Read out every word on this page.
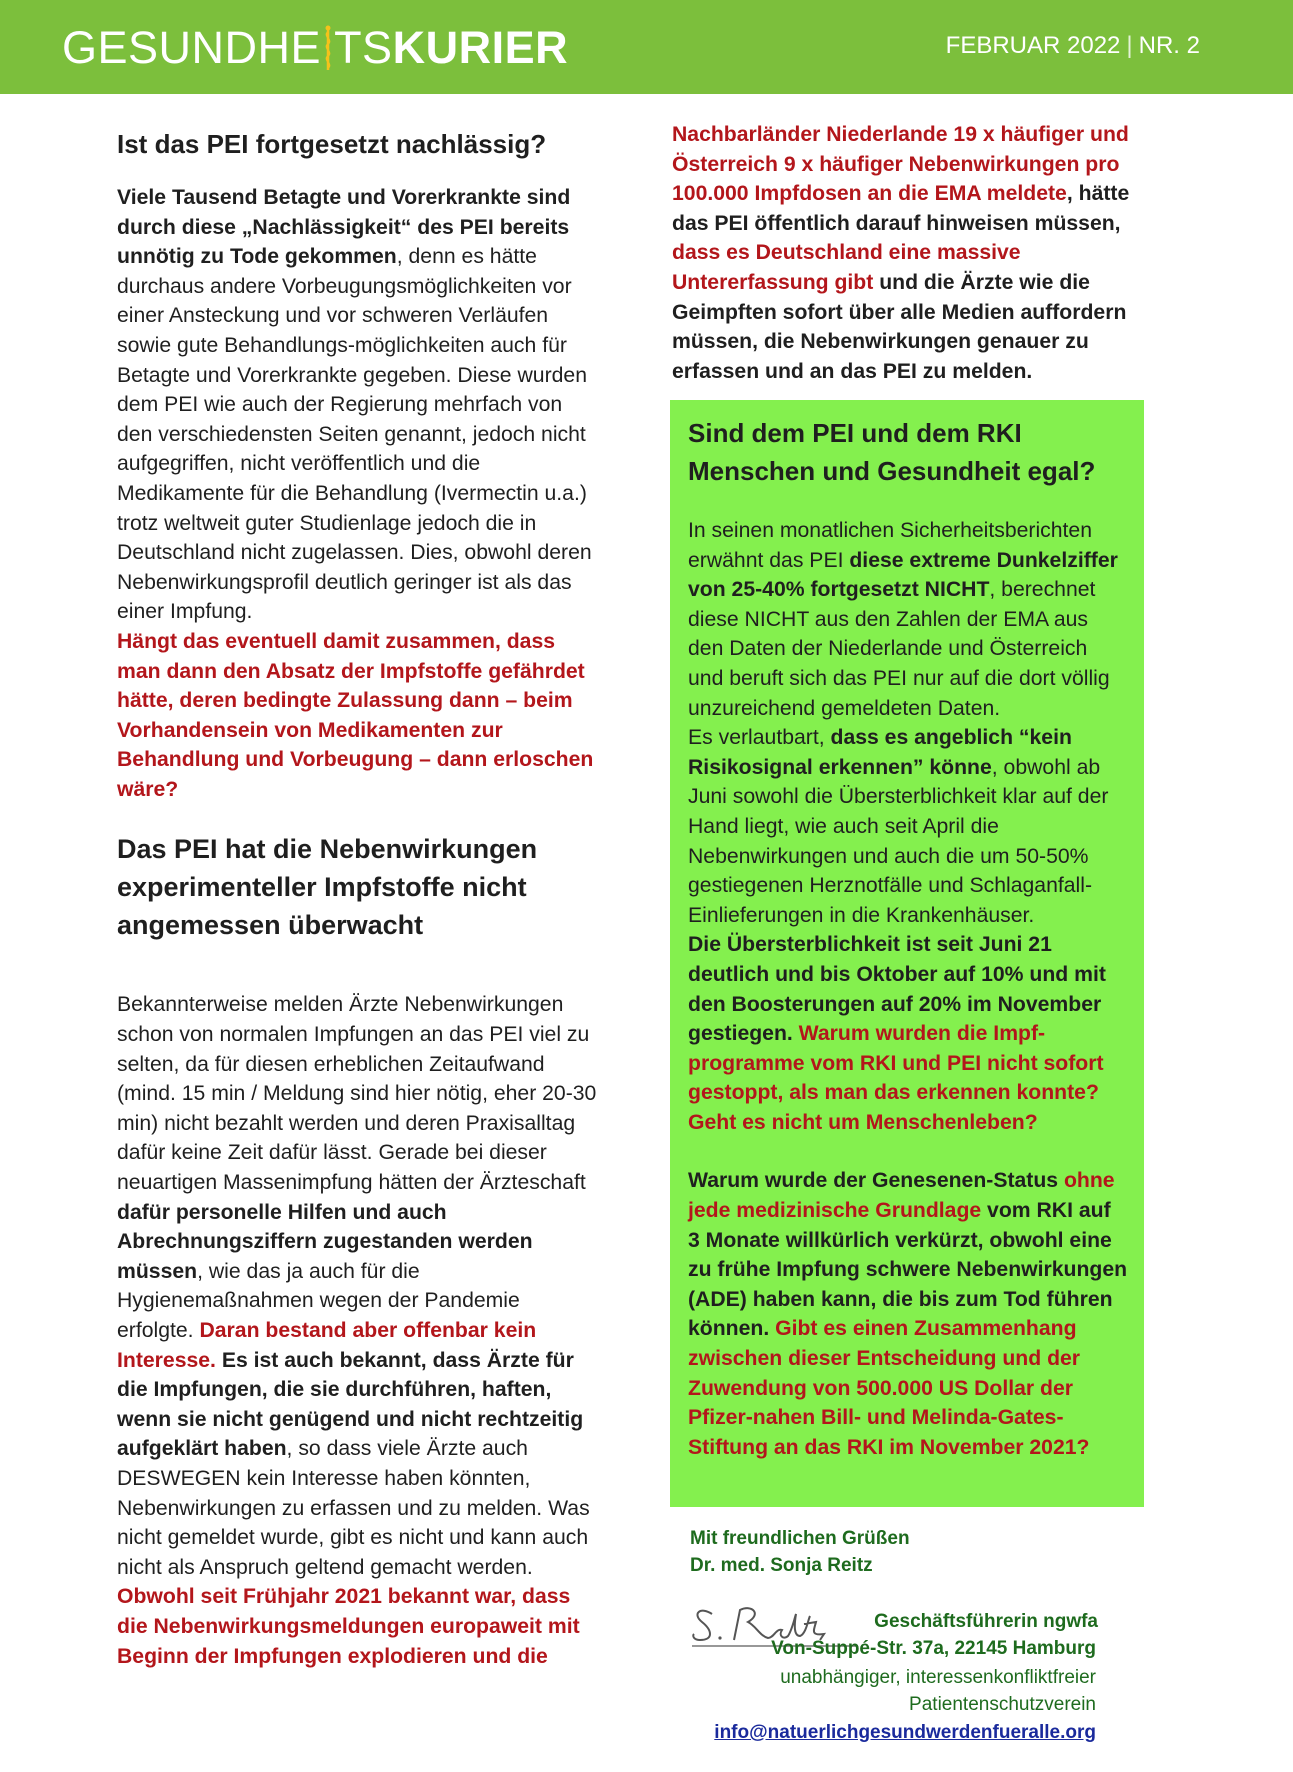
GESUNDHE TSKURIER	FEBRUAR 2022 | NR. 2
Ist das PEI fortgesetzt nachlässig?

Viele Tausend Betagte und Vorerkrankte sind durch diese „Nachlässigkeit“ des PEI bereits unnötig zu Tode gekommen, denn es hätte durchaus andere Vorbeugungsmöglichkeiten vor einer Ansteckung und vor schweren Verläufen sowie gute Behandlungs-möglichkeiten auch für Betagte und Vorerkrankte gegeben. Diese wurden dem PEI wie auch der Regierung mehrfach von den verschiedensten Seiten genannt, jedoch nicht aufgegriffen, nicht veröffentlich und die Medikamente für die Behandlung (Ivermectin u.a.) trotz weltweit guter Studienlage jedoch die in Deutschland nicht zugelassen. Dies, obwohl deren Nebenwirkungsprofil deutlich geringer ist als das einer Impfung.

Hängt das eventuell damit zusammen, dass man dann den Absatz der Impfstoffe gefährdet hätte, deren bedingte Zulassung dann – beim Vorhandensein von Medikamenten zur Behandlung und Vorbeugung – dann erloschen wäre?

Das PEI hat die Nebenwirkungen experimenteller Impfstoffe nicht angemessen überwacht

Bekannterweise melden Ärzte Nebenwirkungen schon von normalen Impfungen an das PEI viel zu selten, da für diesen erheblichen Zeitaufwand (mind. 15 min / Meldung sind hier nötig, eher 20-30 min) nicht bezahlt werden und deren Praxisalltag dafür keine Zeit dafür lässt. Gerade bei dieser neuartigen Massenimpfung hätten der Ärzteschaft dafür personelle Hilfen und auch Abrechnungsziffern zugestanden werden müssen, wie das ja auch für die Hygienemaßnahmen wegen der Pandemie erfolgte. Daran bestand aber offenbar kein Interesse. Es ist auch bekannt, dass Ärzte für die Impfungen, die sie durchführen, haften, wenn sie nicht genügend und nicht rechtzeitig aufgeklärt haben, so dass viele Ärzte auch DESWEGEN kein Interesse haben könnten, Nebenwirkungen zu erfassen und zu melden. Was nicht gemeldet wurde, gibt es nicht und kann auch nicht als Anspruch geltend gemacht werden.

Obwohl seit Frühjahr 2021 bekannt war, dass die Nebenwirkungsmeldungen europaweit mit Beginn der Impfungen explodieren und die

Nachbarländer Niederlande 19 x häufiger und Österreich 9 x häufiger Nebenwirkungen pro 100.000 Impfdosen an die EMA meldete, hätte das PEI öffentlich darauf hinweisen müssen, dass es Deutschland eine massive Untererfassung gibt und die Ärzte wie die Geimpften sofort über alle Medien auffordern müssen, die Nebenwirkungen genauer zu erfassen und an das PEI zu melden.

Sind dem PEI und dem RKI Menschen und Gesundheit egal?

In seinen monatlichen Sicherheitsberichten erwähnt das PEI diese extreme Dunkelziffer von 25-40% fortgesetzt NICHT, berechnet diese NICHT aus den Zahlen der EMA aus den Daten der Niederlande und Österreich und beruft sich das PEI nur auf die dort völlig unzureichend gemeldeten Daten.

Es verlautbart, dass es angeblich “kein Risikosignal erkennen” könne, obwohl ab Juni sowohl die Übersterblichkeit klar auf der Hand liegt, wie auch seit April die Nebenwirkungen und auch die um 50-50% gestiegenen Herznotfälle und Schlaganfall-Einlieferungen in die Krankenhäuser.

Die Übersterblichkeit ist seit Juni 21 deutlich und bis Oktober auf 10% und mit den Boosterungen auf 20% im November gestiegen. Warum wurden die Impf-programme vom RKI und PEI nicht sofort gestoppt, als man das erkennen konnte? Geht es nicht um Menschenleben?

Warum wurde der Genesenen-Status ohne jede medizinische Grundlage vom RKI auf 3 Monate willkürlich verkürzt, obwohl eine zu frühe Impfung schwere Nebenwirkungen (ADE) haben kann, die bis zum Tod führen können. Gibt es einen Zusammenhang zwischen dieser Entscheidung und der Zuwendung von 500.000 US Dollar der Pfizer-nahen Bill- und Melinda-Gates-Stiftung an das RKI im November 2021?

Mit freundlichen Grüßen
Dr. med. Sonja Reitz
Geschäftsführerin ngwfa
Von-Suppé-Str. 37a, 22145 Hamburg
unabhängiger, interessenkonfliktfreier
Patientenschutzverein
info@natuerlichgesundwerdenfueralle.org
